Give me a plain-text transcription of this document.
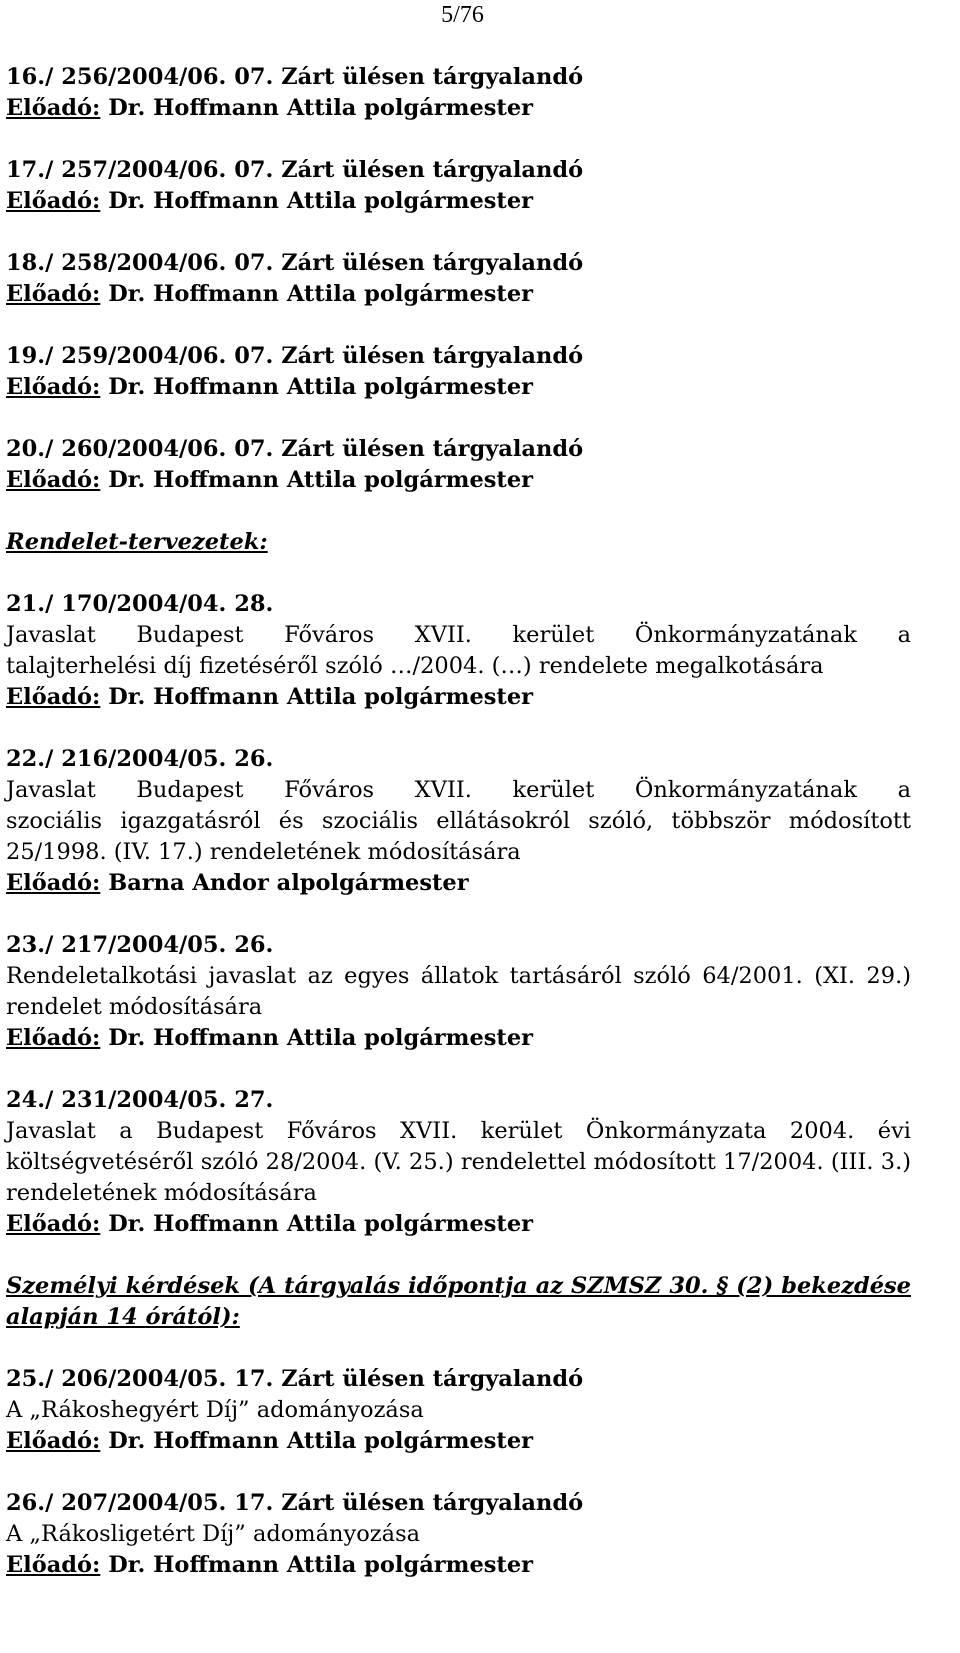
5/76
16./ 256/2004/06. 07. Zárt ülésen tárgyalandó
Előadó: Dr. Hoffmann Attila polgármester
17./ 257/2004/06. 07. Zárt ülésen tárgyalandó
Előadó: Dr. Hoffmann Attila polgármester
18./ 258/2004/06. 07. Zárt ülésen tárgyalandó
Előadó: Dr. Hoffmann Attila polgármester
19./ 259/2004/06. 07. Zárt ülésen tárgyalandó
Előadó: Dr. Hoffmann Attila polgármester
20./ 260/2004/06. 07. Zárt ülésen tárgyalandó
Előadó: Dr. Hoffmann Attila polgármester
Rendelet-tervezetek:
21./ 170/2004/04. 28.
Javaslat Budapest Főváros XVII. kerület Önkormányzatának a
talajterhelési díj fizetéséről szóló …/2004. (…) rendelete megalkotására
Előadó: Dr. Hoffmann Attila polgármester
22./ 216/2004/05. 26.
Javaslat Budapest Főváros XVII. kerület Önkormányzatának a
szociális igazgatásról és szociális ellátásokról szóló, többször módosított 25/1998. (IV. 17.) rendeletének módosítására
Előadó: Barna Andor alpolgármester
23./ 217/2004/05. 26.
Rendeletalkotási javaslat az egyes állatok tartásáról szóló 64/2001. (XI. 29.) rendelet módosítására
Előadó: Dr. Hoffmann Attila polgármester
24./ 231/2004/05. 27.
Javaslat a Budapest Főváros XVII. kerület Önkormányzata 2004. évi költségvetéséről szóló 28/2004. (V. 25.) rendelettel módosított 17/2004. (III. 3.) rendeletének módosítására
Előadó: Dr. Hoffmann Attila polgármester
Személyi kérdések (A tárgyalás időpontja az SZMSZ 30. § (2) bekezdése alapján 14 órától):
25./ 206/2004/05. 17. Zárt ülésen tárgyalandó
A „Rákoshegyért Díj” adományozása
Előadó: Dr. Hoffmann Attila polgármester
26./ 207/2004/05. 17. Zárt ülésen tárgyalandó
A „Rákosligetért Díj” adományozása
Előadó: Dr. Hoffmann Attila polgármester
